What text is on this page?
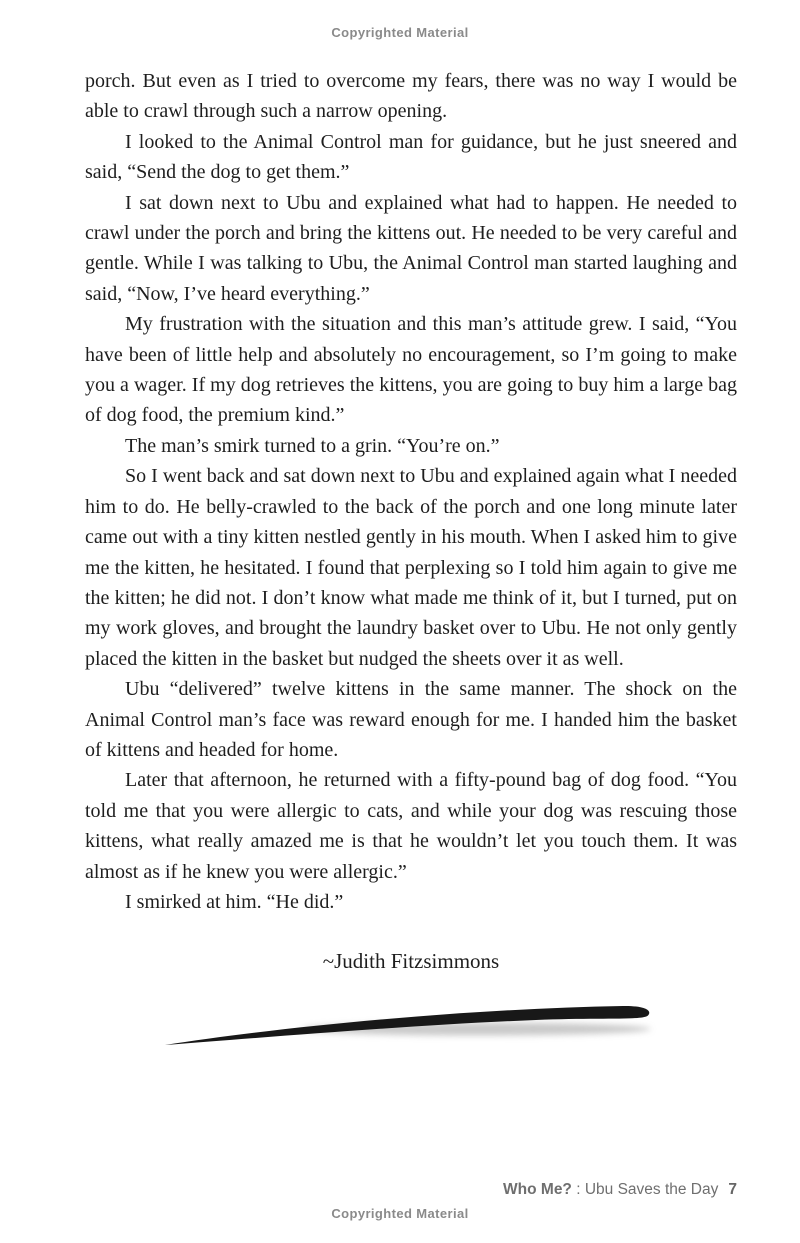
Copyrighted Material

porch. But even as I tried to overcome my fears, there was no way I would be able to crawl through such a narrow opening.

I looked to the Animal Control man for guidance, but he just sneered and said, “Send the dog to get them.”

I sat down next to Ubu and explained what had to happen. He needed to crawl under the porch and bring the kittens out. He needed to be very careful and gentle. While I was talking to Ubu, the Animal Control man started laughing and said, “Now, I’ve heard everything.”

My frustration with the situation and this man’s attitude grew. I said, “You have been of little help and absolutely no encouragement, so I’m going to make you a wager. If my dog retrieves the kittens, you are going to buy him a large bag of dog food, the premium kind.”

The man’s smirk turned to a grin. “You’re on.”

So I went back and sat down next to Ubu and explained again what I needed him to do. He belly-crawled to the back of the porch and one long minute later came out with a tiny kitten nestled gently in his mouth. When I asked him to give me the kitten, he hesitated. I found that perplexing so I told him again to give me the kitten; he did not. I don’t know what made me think of it, but I turned, put on my work gloves, and brought the laundry basket over to Ubu. He not only gently placed the kitten in the basket but nudged the sheets over it as well.

Ubu “delivered” twelve kittens in the same manner. The shock on the Animal Control man’s face was reward enough for me. I handed him the basket of kittens and headed for home.

Later that afternoon, he returned with a fifty-pound bag of dog food. “You told me that you were allergic to cats, and while your dog was rescuing those kittens, what really amazed me is that he wouldn’t let you touch them. It was almost as if he knew you were allergic.”

I smirked at him. “He did.”

~Judith Fitzsimmons
Who Me? : Ubu Saves the Day 7
Copyrighted Material
